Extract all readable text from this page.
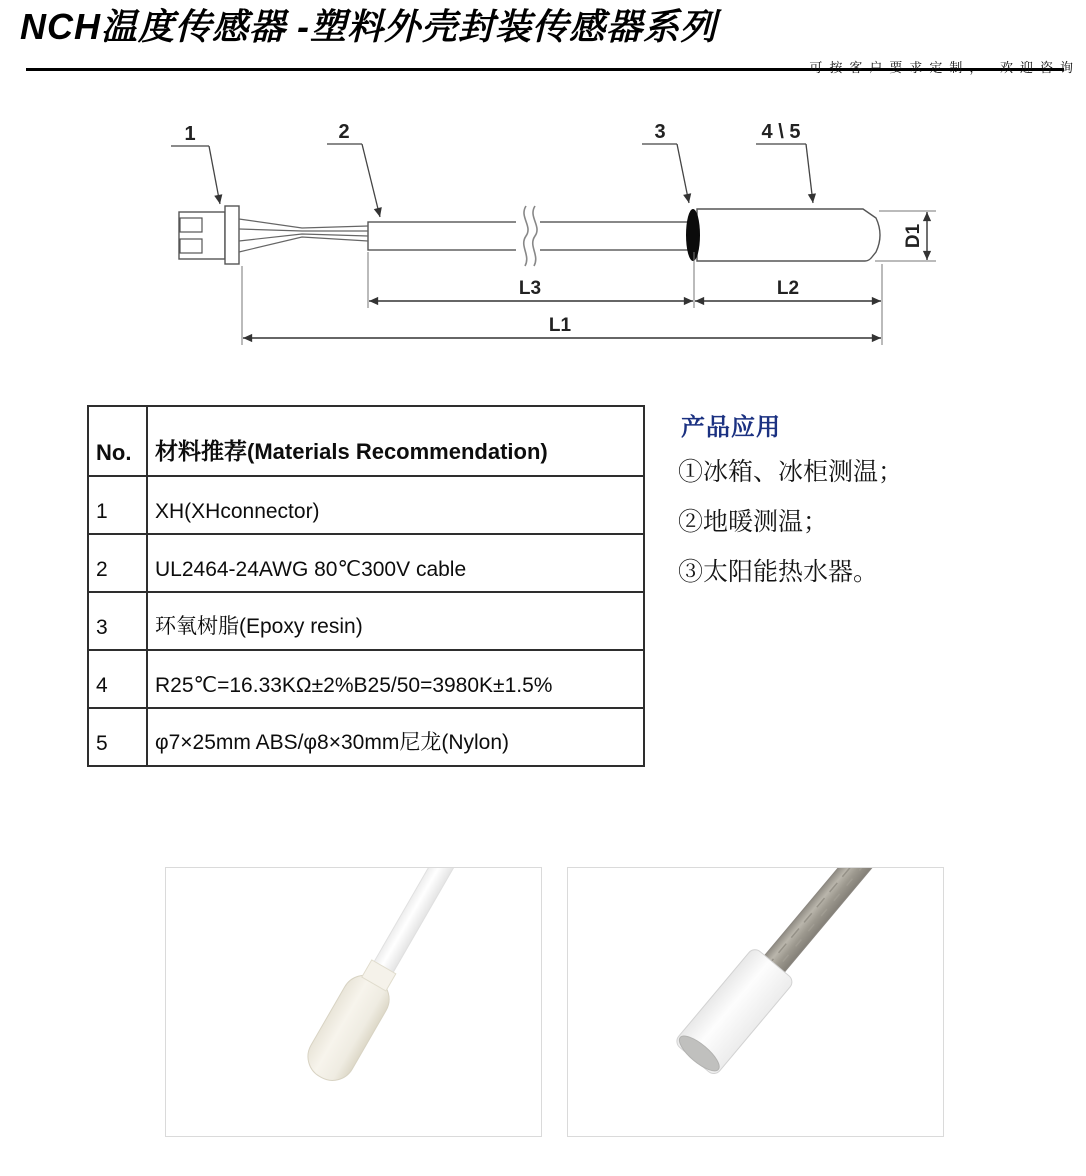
NCH温度传感器 -塑料外壳封装传感器系列
可按客户要求定制， 欢迎咨询
1	2	3	4 \ 5
L3	L2
L1
D1
No.	材料推荐(Materials Recommendation)
1	XH(XHconnector)
2	UL2464-24AWG 80℃300V cable
3	环氧树脂(Epoxy resin)
4	R25℃=16.33KΩ±2%B25/50=3980K±1.5%
5	φ7×25mm ABS/φ8×30mm尼龙(Nylon)
产品应用
①冰箱、冰柜测温；
②地暖测温；
③太阳能热水器。
